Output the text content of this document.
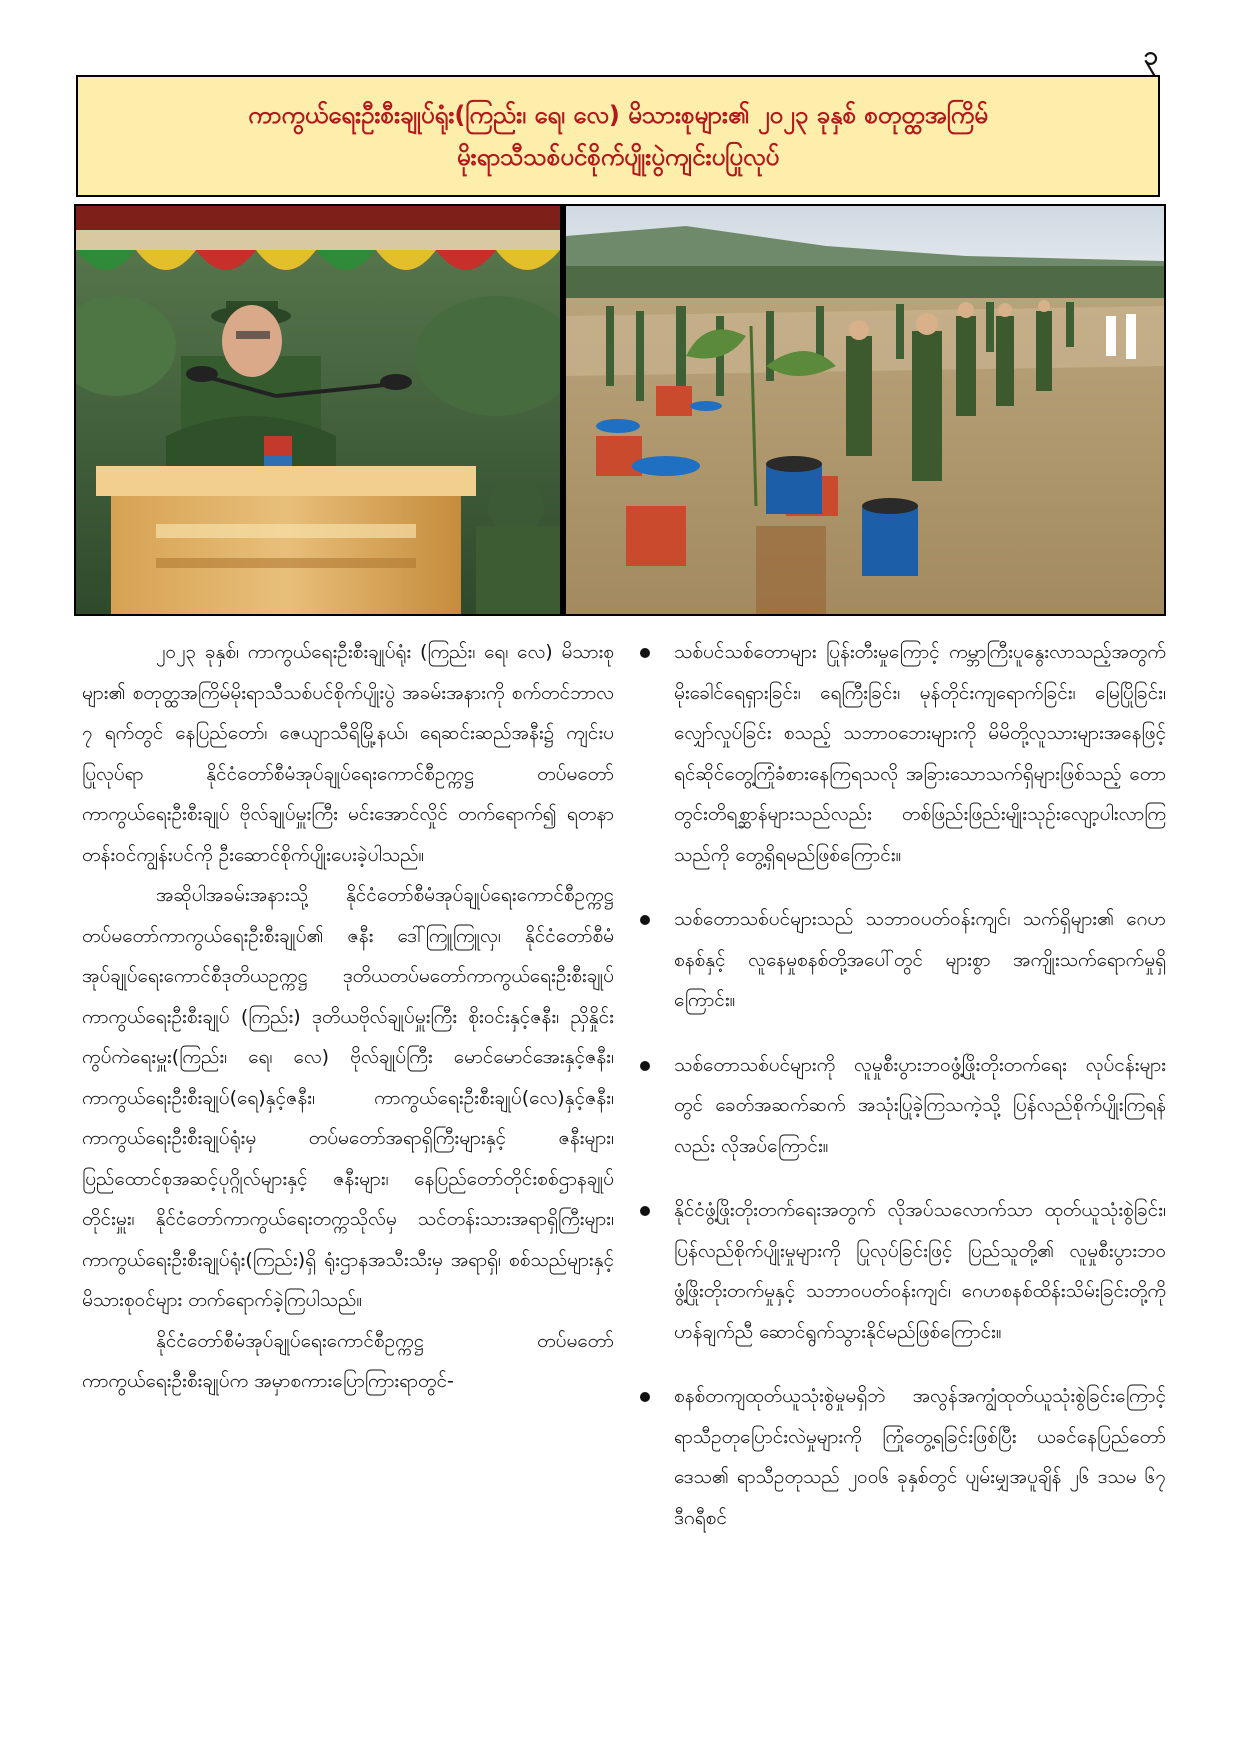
၃
ကာကွယ်ရေးဦးစီးချုပ်ရုံး(ကြည်း၊ ရေ၊ လေ) မိသားစုများ၏ ၂၀၂၃ ခုနှစ် စတုတ္ထအကြိမ်
မိုးရာသီသစ်ပင်စိုက်ပျိုးပွဲကျင်းပပြုလုပ်

၂၀၂၃ ခုနှစ်၊ ကာကွယ်ရေးဦးစီးချုပ်ရုံး (ကြည်း၊ ရေ၊ လေ) မိသားစုများ၏ စတုတ္ထအကြိမ်မိုးရာသီသစ်ပင်စိုက်ပျိုးပွဲ အခမ်းအနားကို စက်တင်ဘာလ ၇ ရက်တွင် နေပြည်တော်၊ ဇေယျာသီရိမြို့နယ်၊ ရေဆင်းဆည်အနီး၌ ကျင်းပပြုလုပ်ရာ နိုင်ငံတော်စီမံအုပ်ချုပ်ရေးကောင်စီဥက္ကဋ္ဌ တပ်မတော်ကာကွယ်ရေးဦးစီးချုပ် ဗိုလ်ချုပ်မှူးကြီး မင်းအောင်လှိုင် တက်ရောက်၍ ရတနာတန်းဝင်ကျွန်းပင်ကို ဦးဆောင်စိုက်ပျိုးပေးခဲ့ပါသည်။

အဆိုပါအခမ်းအနားသို့ နိုင်ငံတော်စီမံအုပ်ချုပ်ရေးကောင်စီဥက္ကဋ္ဌ တပ်မတော်ကာကွယ်ရေးဦးစီးချုပ်၏ ဇနီး ဒေါ်ကြူကြူလှ၊ နိုင်ငံတော်စီမံအုပ်ချုပ်ရေးကောင်စီဒုတိယဥက္ကဋ္ဌ ဒုတိယတပ်မတော်ကာကွယ်ရေးဦးစီးချုပ် ကာကွယ်ရေးဦးစီးချုပ် (ကြည်း) ဒုတိယဗိုလ်ချုပ်မှူးကြီး စိုးဝင်းနှင့်ဇနီး၊ ညှိနှိုင်းကွပ်ကဲရေးမှူး(ကြည်း၊ ရေ၊ လေ) ဗိုလ်ချုပ်ကြီး မောင်မောင်အေးနှင့်ဇနီး၊ ကာကွယ်ရေးဦးစီးချုပ်(ရေ)နှင့်ဇနီး၊ ကာကွယ်ရေးဦးစီးချုပ်(လေ)နှင့်ဇနီး၊ ကာကွယ်ရေးဦးစီးချုပ်ရုံးမှ တပ်မတော်အရာရှိကြီးများနှင့် ဇနီးများ၊ ပြည်ထောင်စုအဆင့်ပုဂ္ဂိုလ်များနှင့် ဇနီးများ၊ နေပြည်တော်တိုင်းစစ်ဌာနချုပ် တိုင်းမှူး၊ နိုင်ငံတော်ကာကွယ်ရေးတက္ကသိုလ်မှ သင်တန်းသားအရာရှိကြီးများ၊ ကာကွယ်ရေးဦးစီးချုပ်ရုံး(ကြည်း)ရှိ ရုံးဌာနအသီးသီးမှ အရာရှိ၊ စစ်သည်များနှင့် မိသားစုဝင်များ တက်ရောက်ခဲ့ကြပါသည်။

နိုင်ငံတော်စီမံအုပ်ချုပ်ရေးကောင်စီဥက္ကဋ္ဌ တပ်မတော်ကာကွယ်ရေးဦးစီးချုပ်က အမှာစကားပြောကြားရာတွင်-

သစ်ပင်သစ်တောများ ပြုန်းတီးမှုကြောင့် ကမ္ဘာကြီးပူနွေးလာသည့်အတွက် မိုးခေါင်ရေရှားခြင်း၊ ရေကြီးခြင်း၊ မုန်တိုင်းကျရောက်ခြင်း၊ မြေပြိုခြင်း၊ လျှော်လှုပ်ခြင်း စသည့် သဘာဝဘေးများကို မိမိတို့လူသားများအနေဖြင့် ရင်ဆိုင်တွေ့ကြုံခံစားနေကြရသလို အခြားသောသက်ရှိများဖြစ်သည့် တောတွင်းတိရစ္ဆာန်များသည်လည်း တစ်ဖြည်းဖြည်းမျိုးသုဉ်းလျော့ပါးလာကြသည်ကို တွေ့ရှိရမည်ဖြစ်ကြောင်း။
သစ်တောသစ်ပင်များသည် သဘာဝပတ်ဝန်းကျင်၊ သက်ရှိများ၏ ဂေဟစနစ်နှင့် လူနေမှုစနစ်တို့အပေါ်တွင် များစွာ အကျိုးသက်ရောက်မှုရှိကြောင်း။
သစ်တောသစ်ပင်များကို လူမှုစီးပွားဘဝဖွံ့ဖြိုးတိုးတက်ရေး လုပ်ငန်းများတွင် ခေတ်အဆက်ဆက် အသုံးပြုခဲ့ကြသကဲ့သို့ ပြန်လည်စိုက်ပျိုးကြရန်လည်း လိုအပ်ကြောင်း။
နိုင်ငံဖွံ့ဖြိုးတိုးတက်ရေးအတွက် လိုအပ်သလောက်သာ ထုတ်ယူသုံးစွဲခြင်း၊ ပြန်လည်စိုက်ပျိုးမှုများကို ပြုလုပ်ခြင်းဖြင့် ပြည်သူတို့၏ လူမှုစီးပွားဘဝဖွံ့ဖြိုးတိုးတက်မှုနှင့် သဘာဝပတ်ဝန်းကျင်၊ ဂေဟစနစ်ထိန်းသိမ်းခြင်းတို့ကို ဟန်ချက်ညီ ဆောင်ရွက်သွားနိုင်မည်ဖြစ်ကြောင်း။
စနစ်တကျထုတ်ယူသုံးစွဲမှုမရှိဘဲ အလွန်အကျွံထုတ်ယူသုံးစွဲခြင်းကြောင့် ရာသီဥတုပြောင်းလဲမှုများကို ကြုံတွေ့ရခြင်းဖြစ်ပြီး ယခင်နေပြည်တော်ဒေသ၏ ရာသီဥတုသည် ၂၀၀၆ ခုနှစ်တွင် ပျမ်းမျှအပူချိန် ၂၆ ဒသမ ၆၇ ဒီဂရီစင်
